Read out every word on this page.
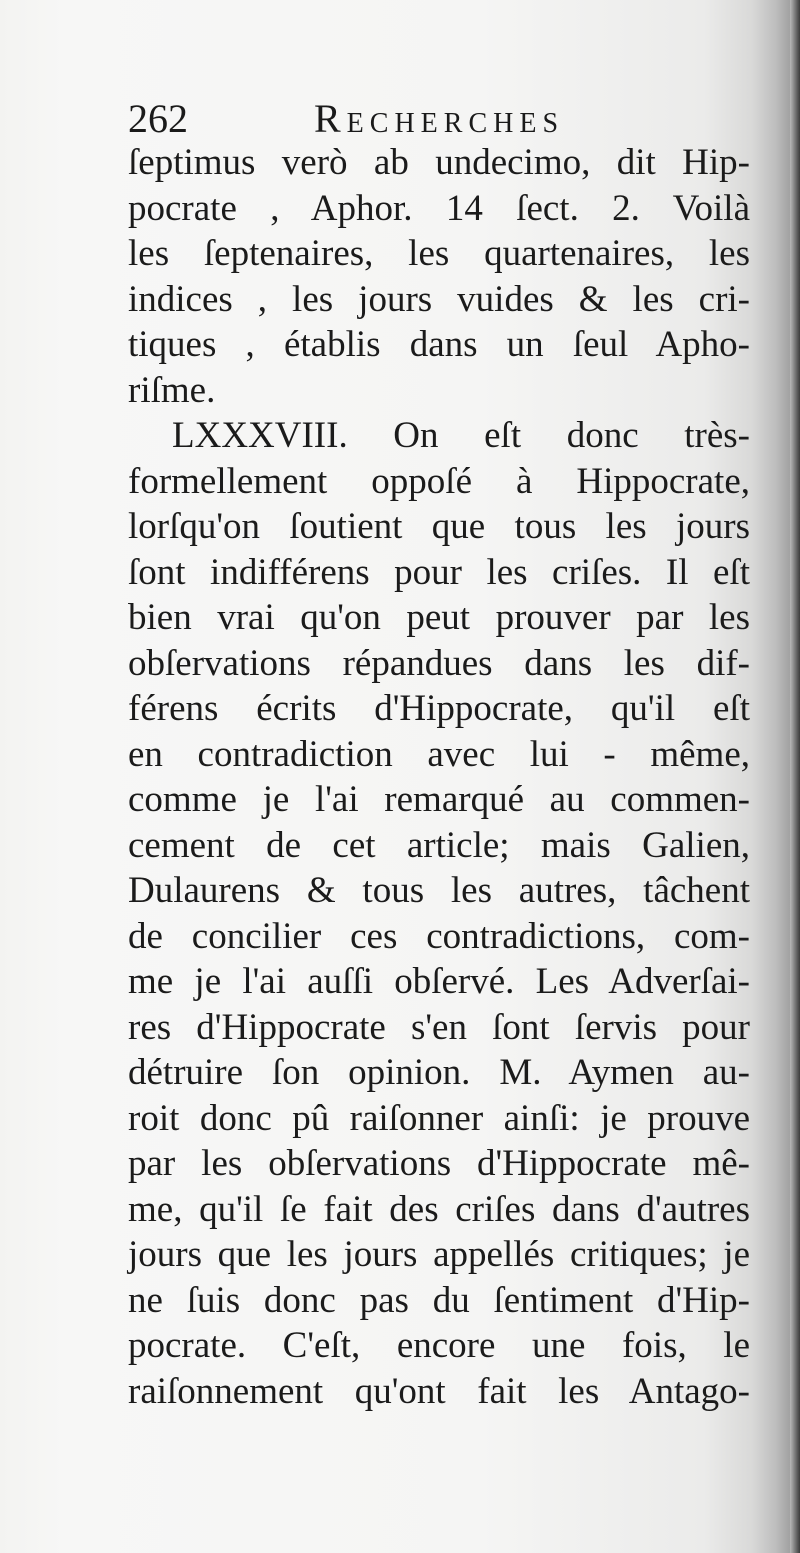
262	Recherches
ſeptimus verò ab undecimo, dit Hip-
pocrate , Aphor. 14 ſect. 2. Voilà
les ſeptenaires, les quartenaires, les
indices , les jours vuides & les cri-
tiques , établis dans un ſeul Apho-
riſme.
LXXXVIII. On eſt donc très-
formellement oppoſé à Hippocrate,
lorſqu'on ſoutient que tous les jours
ſont indifférens pour les criſes. Il eſt
bien vrai qu'on peut prouver par les
obſervations répandues dans les dif-
férens écrits d'Hippocrate, qu'il eſt
en contradiction avec lui - même,
comme je l'ai remarqué au commen-
cement de cet article; mais Galien,
Dulaurens & tous les autres, tâchent
de concilier ces contradictions, com-
me je l'ai auſſi obſervé. Les Adverſai-
res d'Hippocrate s'en ſont ſervis pour
détruire ſon opinion. M. Aymen au-
roit donc pû raiſonner ainſi: je prouve
par les obſervations d'Hippocrate mê-
me, qu'il ſe fait des criſes dans d'autres
jours que les jours appellés critiques; je
ne ſuis donc pas du ſentiment d'Hip-
pocrate. C'eſt, encore une fois, le
raiſonnement qu'ont fait les Antago-
